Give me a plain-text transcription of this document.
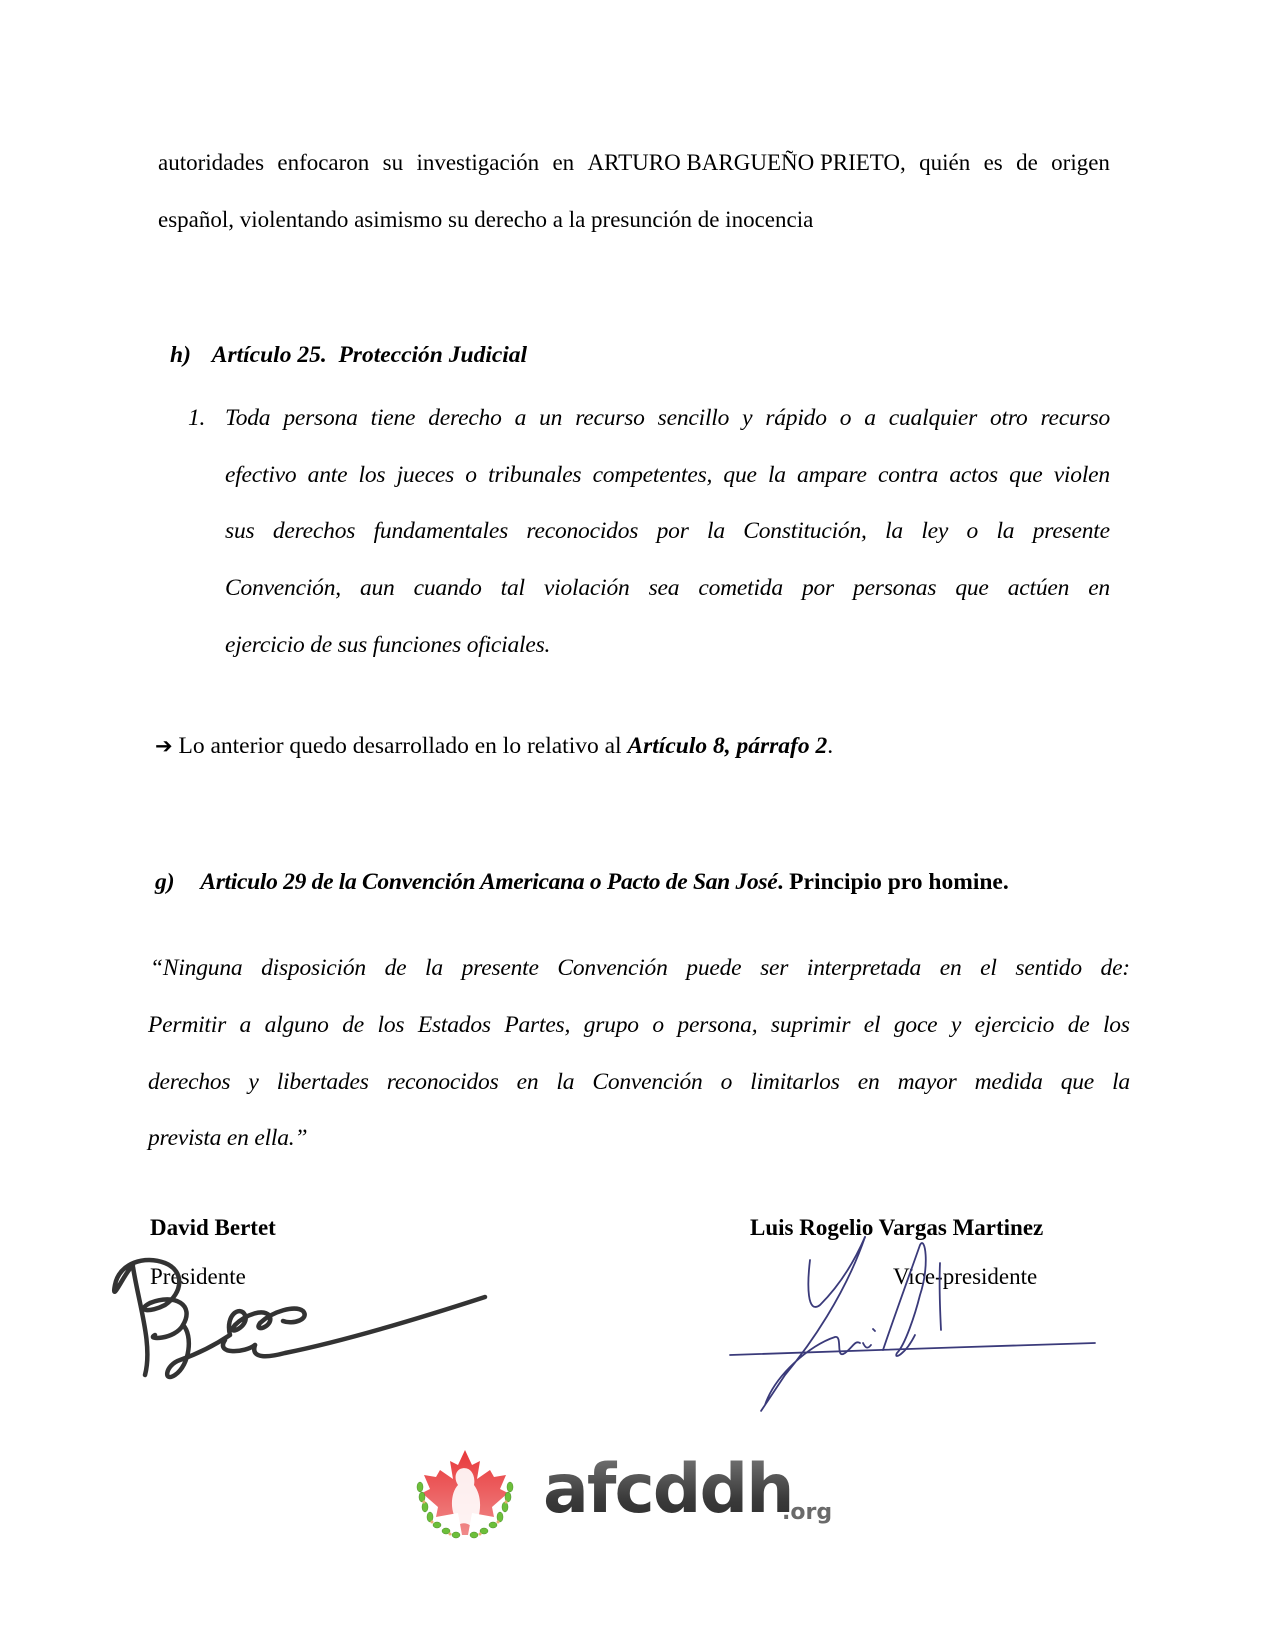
autoridades enfocaron su investigación en ARTURO BARGUEÑO PRIETO, quién es de origen
español, violentando asimismo su derecho a la presunción de inocencia
h) Artículo 25.  Protección Judicial
1. Toda persona tiene derecho a un recurso sencillo y rápido o a cualquier otro recurso
efectivo ante los jueces o tribunales competentes, que la ampare contra actos que violen
sus derechos fundamentales reconocidos por la Constitución, la ley o la presente
Convención, aun cuando tal violación sea cometida por personas que actúen en
ejercicio de sus funciones oficiales.
➔ Lo anterior quedo desarrollado en lo relativo al Artículo 8, párrafo 2.
g) Articulo 29 de la Convención Americana o Pacto de San José. Principio pro homine.
“Ninguna disposición de la presente Convención puede ser interpretada en el sentido de:
Permitir a alguno de los Estados Partes, grupo o persona, suprimir el goce y ejercicio de los
derechos y libertades reconocidos en la Convención o limitarlos en mayor medida que la
prevista en ella.”
David Bertet
Presidente
Luis Rogelio Vargas Martinez
Vice-presidente
afcddh
.org
